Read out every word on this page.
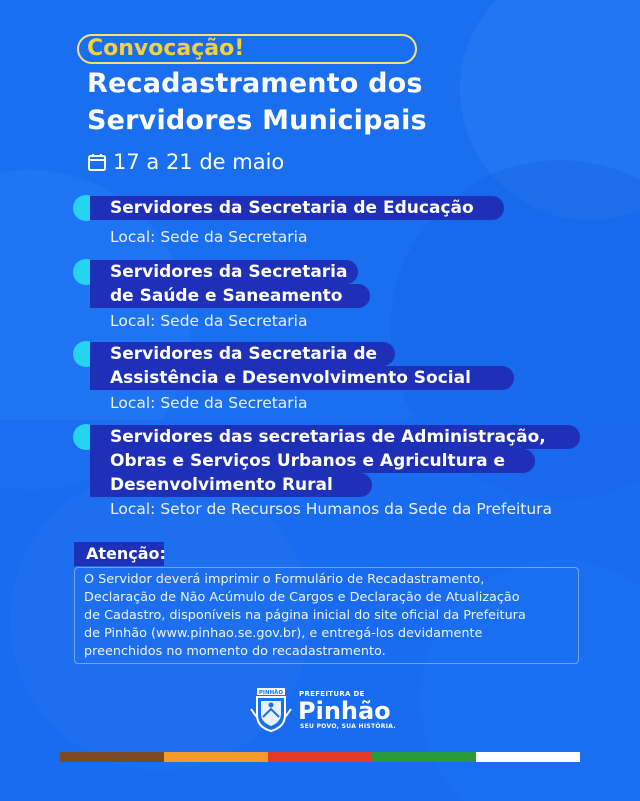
Convocação!
Recadastramento dos
Servidores Municipais
17 a 21 de maio
Servidores da Secretaria de Educação
Local: Sede da Secretaria
Servidores da Secretaria
de Saúde e Saneamento
Local: Sede da Secretaria
Servidores da Secretaria de
Assistência e Desenvolvimento Social
Local: Sede da Secretaria
Servidores das secretarias de Administração,
Obras e Serviços Urbanos e Agricultura e
Desenvolvimento Rural
Local: Setor de Recursos Humanos da Sede da Prefeitura
Atenção:
O Servidor deverá imprimir o Formulário de Recadastramento,
Declaração de Não Acúmulo de Cargos e Declaração de Atualização
de Cadastro, disponíveis na página inicial do site oficial da Prefeitura
de Pinhão (www.pinhao.se.gov.br), e entregá-los devidamente
preenchidos no momento do recadastramento.
PINHÃO PREFEITURA DE
Pinhão
SEU POVO, SUA HISTÓRIA.
